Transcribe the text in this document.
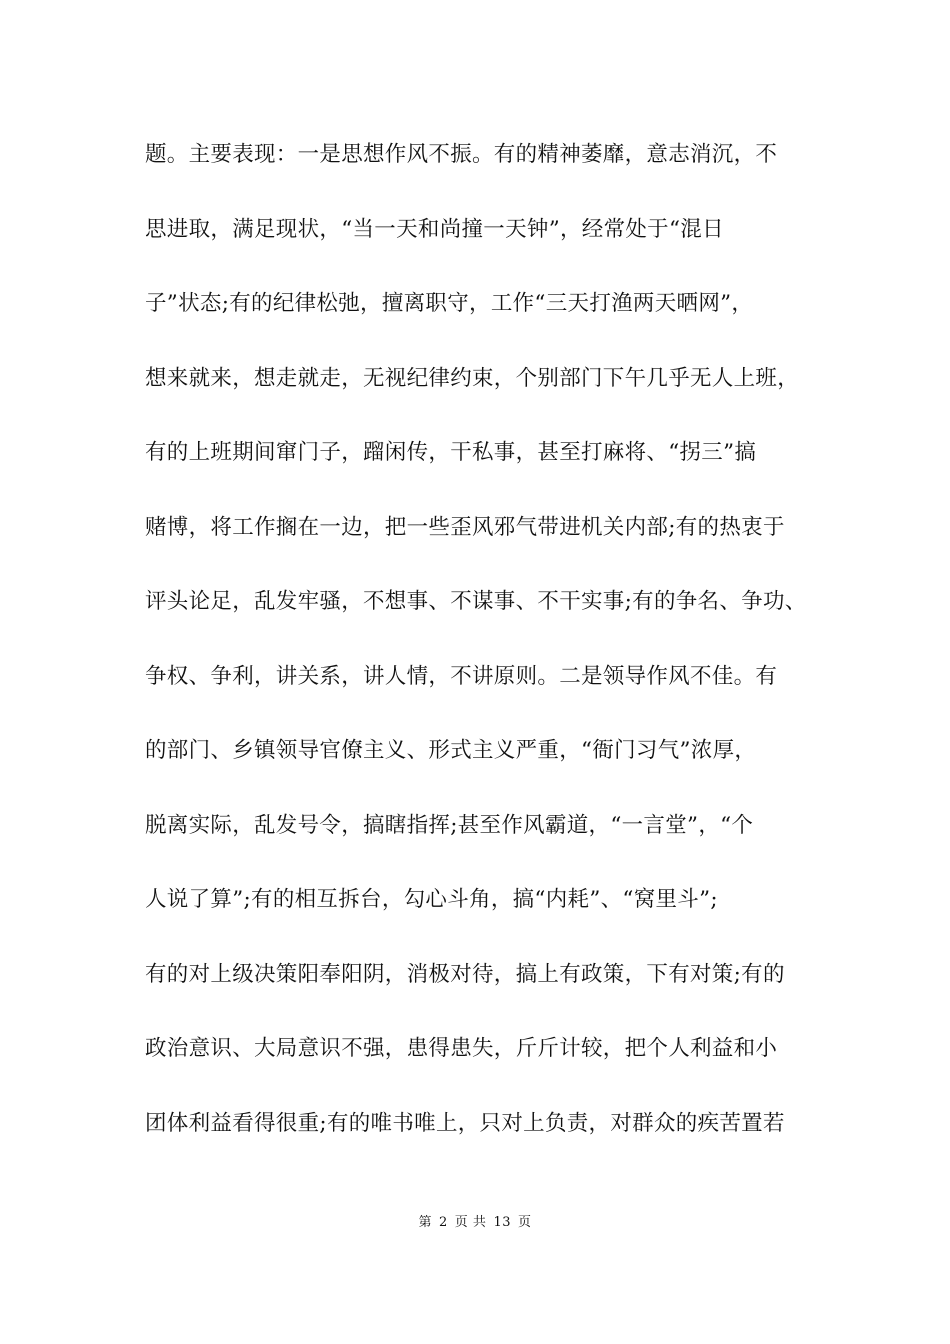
题。主要表现：一是思想作风不振。有的精神萎靡，意志消沉，不
思进取，满足现状，“当一天和尚撞一天钟”，经常处于“混日
子”状态;有的纪律松弛，擅离职守，工作“三天打渔两天晒网”，
想来就来，想走就走，无视纪律约束，个别部门下午几乎无人上班，
有的上班期间窜门子，蹓闲传，干私事，甚至打麻将、“拐三”搞
赌博，将工作搁在一边，把一些歪风邪气带进机关内部;有的热衷于
评头论足，乱发牢骚，不想事、不谋事、不干实事;有的争名、争功、
争权、争利，讲关系，讲人情，不讲原则。二是领导作风不佳。有
的部门、乡镇领导官僚主义、形式主义严重，“衙门习气”浓厚，
脱离实际，乱发号令，搞瞎指挥;甚至作风霸道，“一言堂”，“个
人说了算”;有的相互拆台，勾心斗角，搞“内耗”、“窝里斗”;
有的对上级决策阳奉阳阴，消极对待，搞上有政策，下有对策;有的
政治意识、大局意识不强，患得患失，斤斤计较，把个人利益和小
团体利益看得很重;有的唯书唯上，只对上负责，对群众的疾苦置若
第 2 页 共 13 页
